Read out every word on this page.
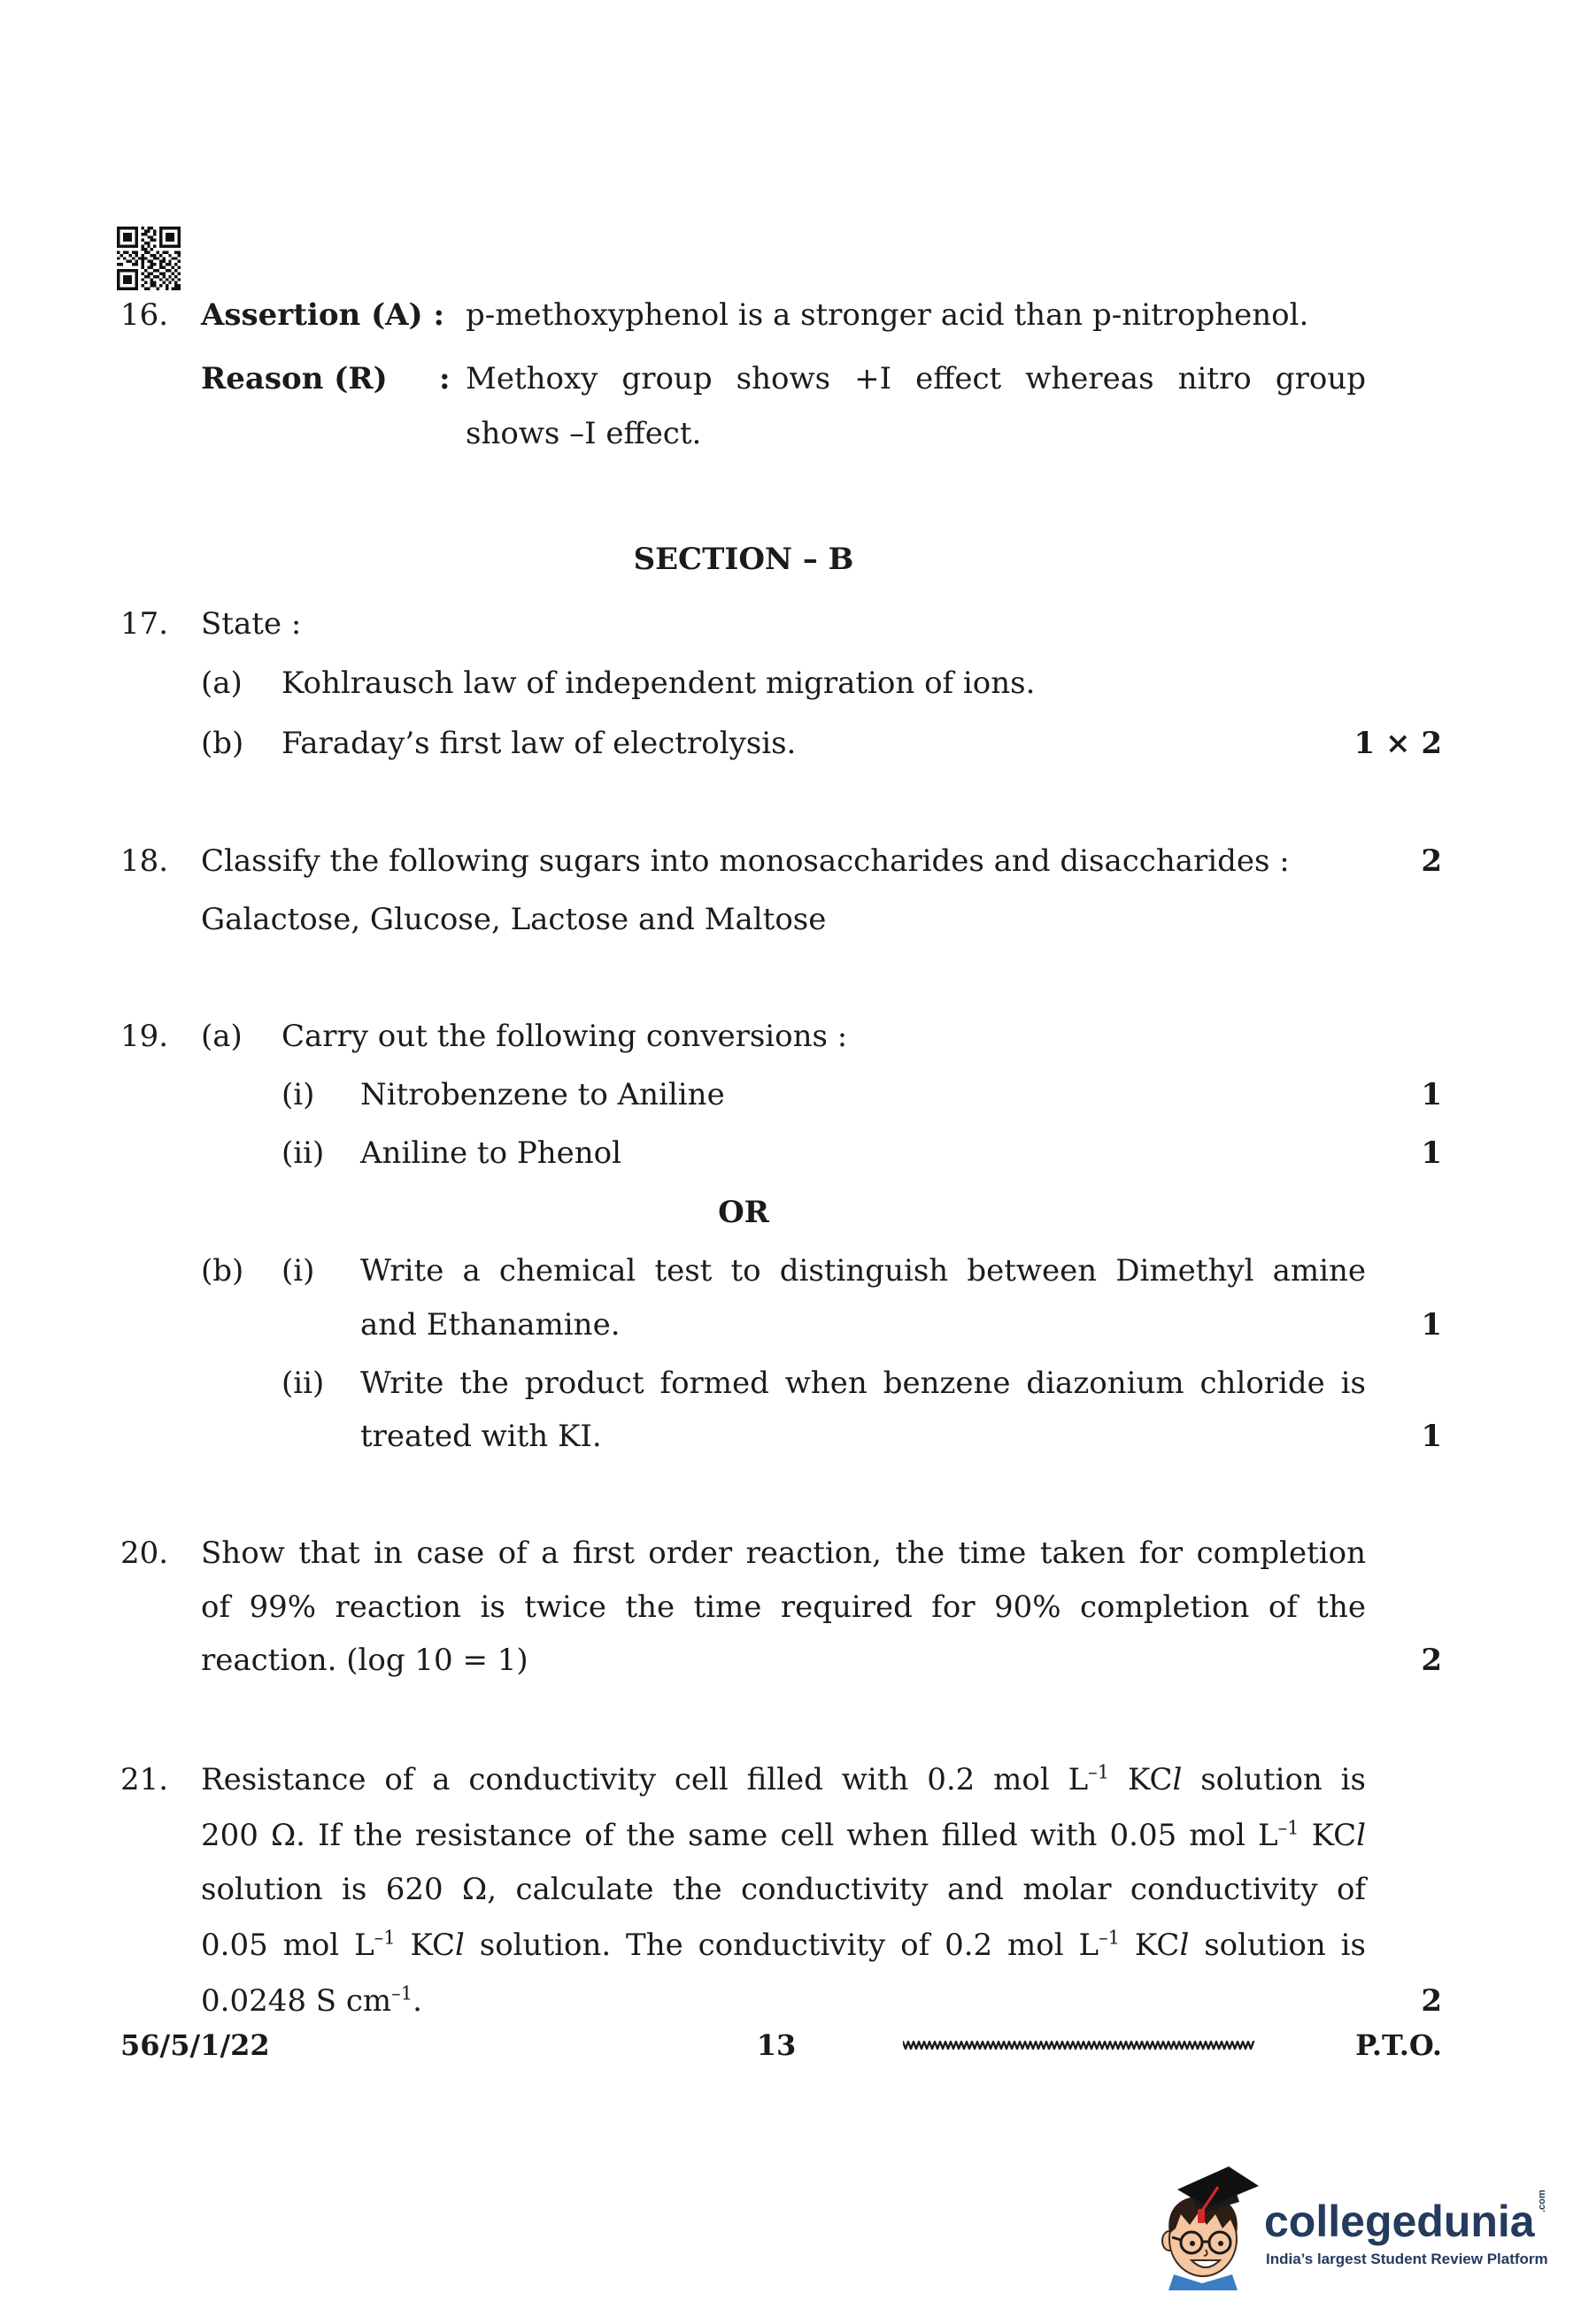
16. Assertion (A) : p-methoxyphenol is a stronger acid than p-nitrophenol.
Reason (R) : Methoxy group shows +I effect whereas nitro group
shows –I effect.
SECTION – B
17. State :
(a) Kohlrausch law of independent migration of ions.
(b) Faraday’s first law of electrolysis.	1 × 2
18. Classify the following sugars into monosaccharides and disaccharides :	2
Galactose, Glucose, Lactose and Maltose
19. (a) Carry out the following conversions :
(i) Nitrobenzene to Aniline	1
(ii) Aniline to Phenol	1
OR
(b) (i) Write a chemical test to distinguish between Dimethyl amine
and Ethanamine.	1
(ii) Write the product formed when benzene diazonium chloride is
treated with KI.	1
20. Show that in case of a first order reaction, the time taken for completion
of 99% reaction is twice the time required for 90% completion of the
reaction. (log 10 = 1)	2
21. Resistance of a conductivity cell filled with 0.2 mol $L^{-1}$ KCl solution is
200 Ω. If the resistance of the same cell when filled with 0.05 mol $L^{-1}$ KCl
solution is 620 Ω, calculate the conductivity and molar conductivity of
0.05 mol $L^{-1}$ KCl solution. The conductivity of 0.2 mol $L^{-1}$ KCl solution is
0.0248 S $cm^{-1}$.	2
56/5/1/22	13	P.T.O.
collegedunia .com
India’s largest Student Review Platform
